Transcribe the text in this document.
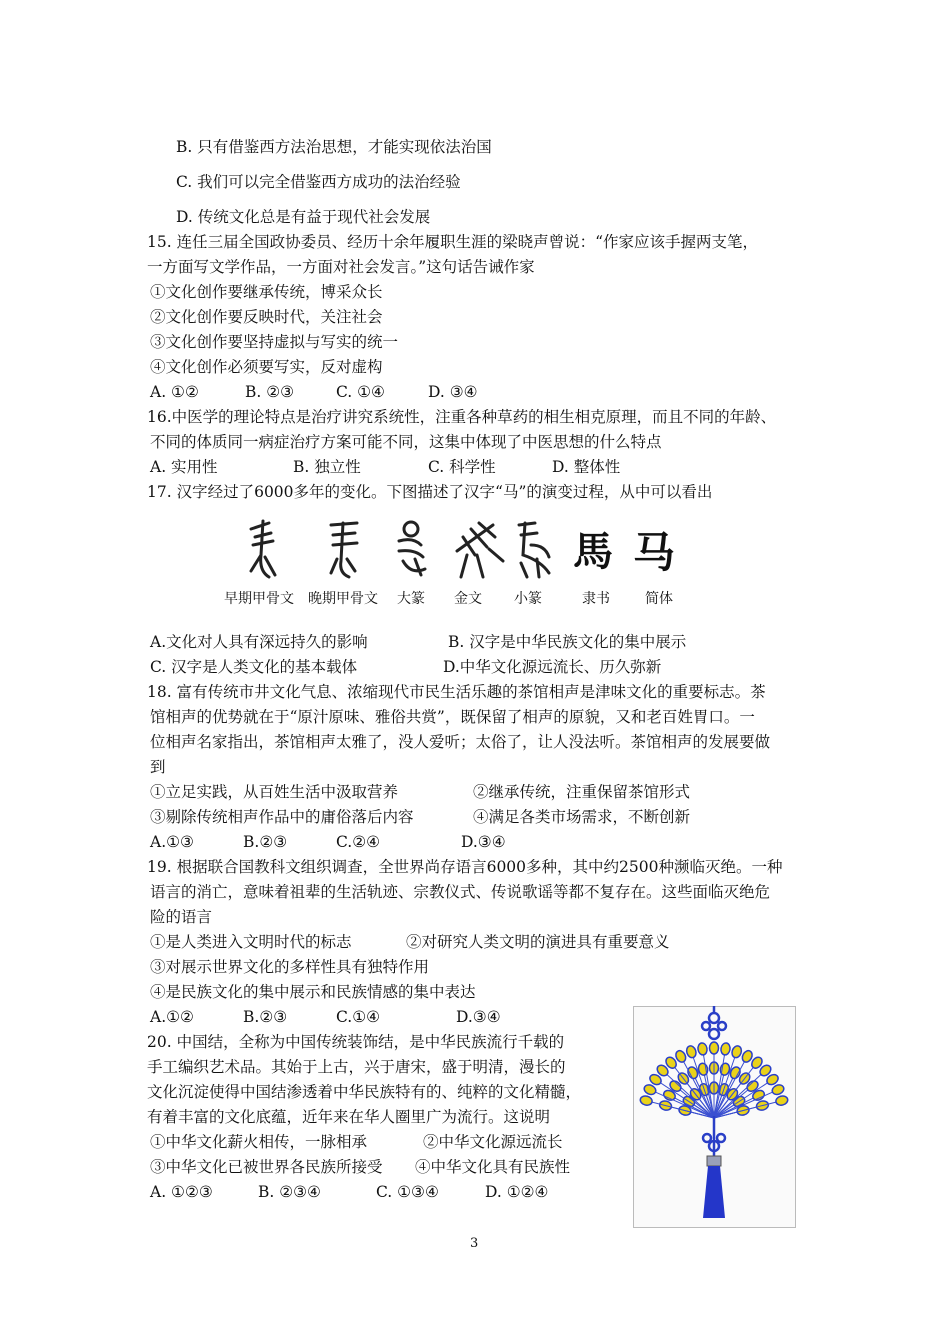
B. 只有借鉴西方法治思想，才能实现依法治国
C. 我们可以完全借鉴西方成功的法治经验
D. 传统文化总是有益于现代社会发展
15. 连任三届全国政协委员、经历十余年履职生涯的梁晓声曾说：“作家应该手握两支笔，
一方面写文学作品，一方面对社会发言。”这句话告诫作家
①文化创作要继承传统，博采众长
②文化创作要反映时代，关注社会
③文化创作要坚持虚拟与写实的统一
④文化创作必须要写实，反对虚构
A. ①②	B. ②③	C. ①④	D. ③④
16.中医学的理论特点是治疗讲究系统性，注重各种草药的相生相克原理，而且不同的年龄、
不同的体质同一病症治疗方案可能不同，这集中体现了中医思想的什么特点
A. 实用性	B. 独立性	C. 科学性	D. 整体性
17. 汉字经过了6000多年的变化。下图描述了汉字“马”的演变过程，从中可以看出
馬 马
早期甲骨文 晚期甲骨文 大篆 金文 小篆	隶书	简体
A.文化对人具有深远持久的影响	B. 汉字是中华民族文化的集中展示
C. 汉字是人类文化的基本载体	D.中华文化源远流长、历久弥新
18. 富有传统市井文化气息、浓缩现代市民生活乐趣的茶馆相声是津味文化的重要标志。茶
馆相声的优势就在于“原汁原味、雅俗共赏”，既保留了相声的原貌，又和老百姓胃口。一
位相声名家指出，茶馆相声太雅了，没人爱听；太俗了，让人没法听。茶馆相声的发展要做
到
①立足实践，从百姓生活中汲取营养	②继承传统，注重保留茶馆形式
③剔除传统相声作品中的庸俗落后内容	④满足各类市场需求，不断创新
A.①③	B.②③	C.②④	D.③④
19. 根据联合国教科文组织调查，全世界尚存语言6000多种，其中约2500种濒临灭绝。一种
语言的消亡，意味着祖辈的生活轨迹、宗教仪式、传说歌谣等都不复存在。这些面临灭绝危
险的语言
①是人类进入文明时代的标志	②对研究人类文明的演进具有重要意义
③对展示世界文化的多样性具有独特作用
④是民族文化的集中展示和民族情感的集中表达
A.①②	B.②③	C.①④	D.③④
20. 中国结，全称为中国传统装饰结，是中华民族流行千载的
手工编织艺术品。其始于上古，兴于唐宋，盛于明清，漫长的
文化沉淀使得中国结渗透着中华民族特有的、纯粹的文化精髓，
有着丰富的文化底蕴，近年来在华人圈里广为流行。这说明
①中华文化薪火相传，一脉相承	②中华文化源远流长
③中华文化已被世界各民族所接受 ④中华文化具有民族性
A. ①②③	B. ②③④	C. ①③④	D. ①②④
3
